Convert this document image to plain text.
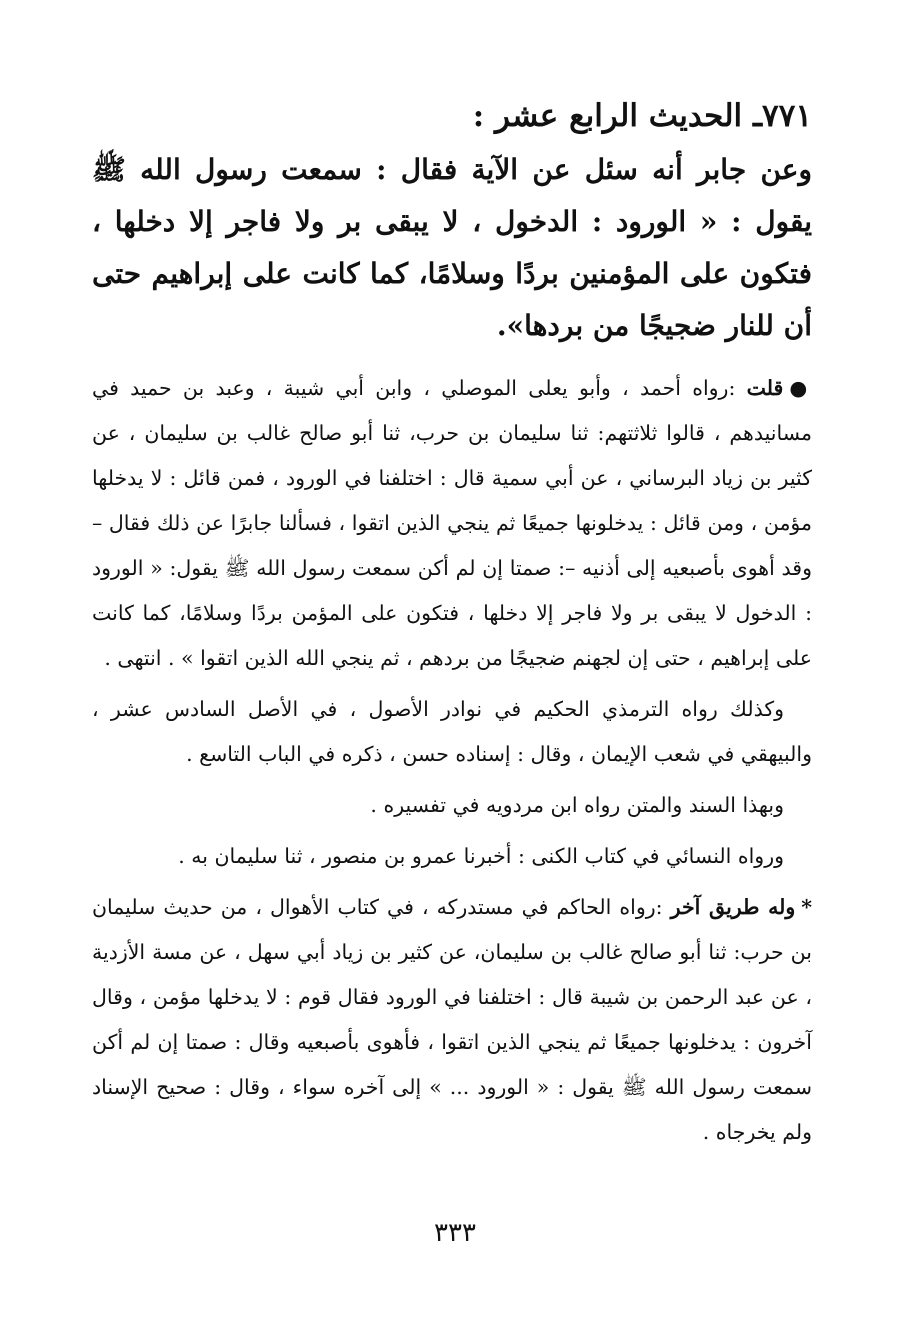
٧٧١ـ الحديث الرابع عشر :
وعن جابر أنه سئل عن الآية فقال : سمعت رسول الله ﷺ يقول : « الورود : الدخول ، لا يبقى بر ولا فاجر إلا دخلها ، فتكون على المؤمنين بردًا وسلامًا، كما كانت على إبراهيم حتى أن للنار ضجيجًا من بردها».
●قلت :رواه أحمد ، وأبو يعلى الموصلي ، وابن أبي شيبة ، وعبد بن حميد في مسانيدهم ، قالوا ثلاثتهم: ثنا سليمان بن حرب، ثنا أبو صالح غالب بن سليمان ، عن كثير بن زياد البرساني ، عن أبي سمية قال : اختلفنا في الورود ، فمن قائل : لا يدخلها مؤمن ، ومن قائل : يدخلونها جميعًا ثم ينجي الذين اتقوا ، فسألنا جابرًا عن ذلك فقال – وقد أهوى بأصبعيه إلى أذنيه –: صمتا إن لم أكن سمعت رسول الله ﷺ يقول: « الورود : الدخول لا يبقى بر ولا فاجر إلا دخلها ، فتكون على المؤمن بردًا وسلامًا، كما كانت على إبراهيم ، حتى إن لجهنم ضجيجًا من بردهم ، ثم ينجي الله الذين اتقوا » . انتهى .
وكذلك رواه الترمذي الحكيم في نوادر الأصول ، في الأصل السادس عشر ، والبيهقي في شعب الإيمان ، وقال : إسناده حسن ، ذكره في الباب التاسع .
وبهذا السند والمتن رواه ابن مردويه في تفسيره .
ورواه النسائي في كتاب الكنى : أخبرنا عمرو بن منصور ، ثنا سليمان به .
*وله طريق آخر :رواه الحاكم في مستدركه ، في كتاب الأهوال ، من حديث سليمان بن حرب: ثنا أبو صالح غالب بن سليمان، عن كثير بن زياد أبي سهل ، عن مسة الأزدية ، عن عبد الرحمن بن شيبة قال : اختلفنا في الورود فقال قوم : لا يدخلها مؤمن ، وقال آخرون : يدخلونها جميعًا ثم ينجي الذين اتقوا ، فأهوى بأصبعيه وقال : صمتا إن لم أكن سمعت رسول الله ﷺ يقول : « الورود ... » إلى آخره سواء ، وقال : صحيح الإسناد ولم يخرجاه .
٣٣٣
